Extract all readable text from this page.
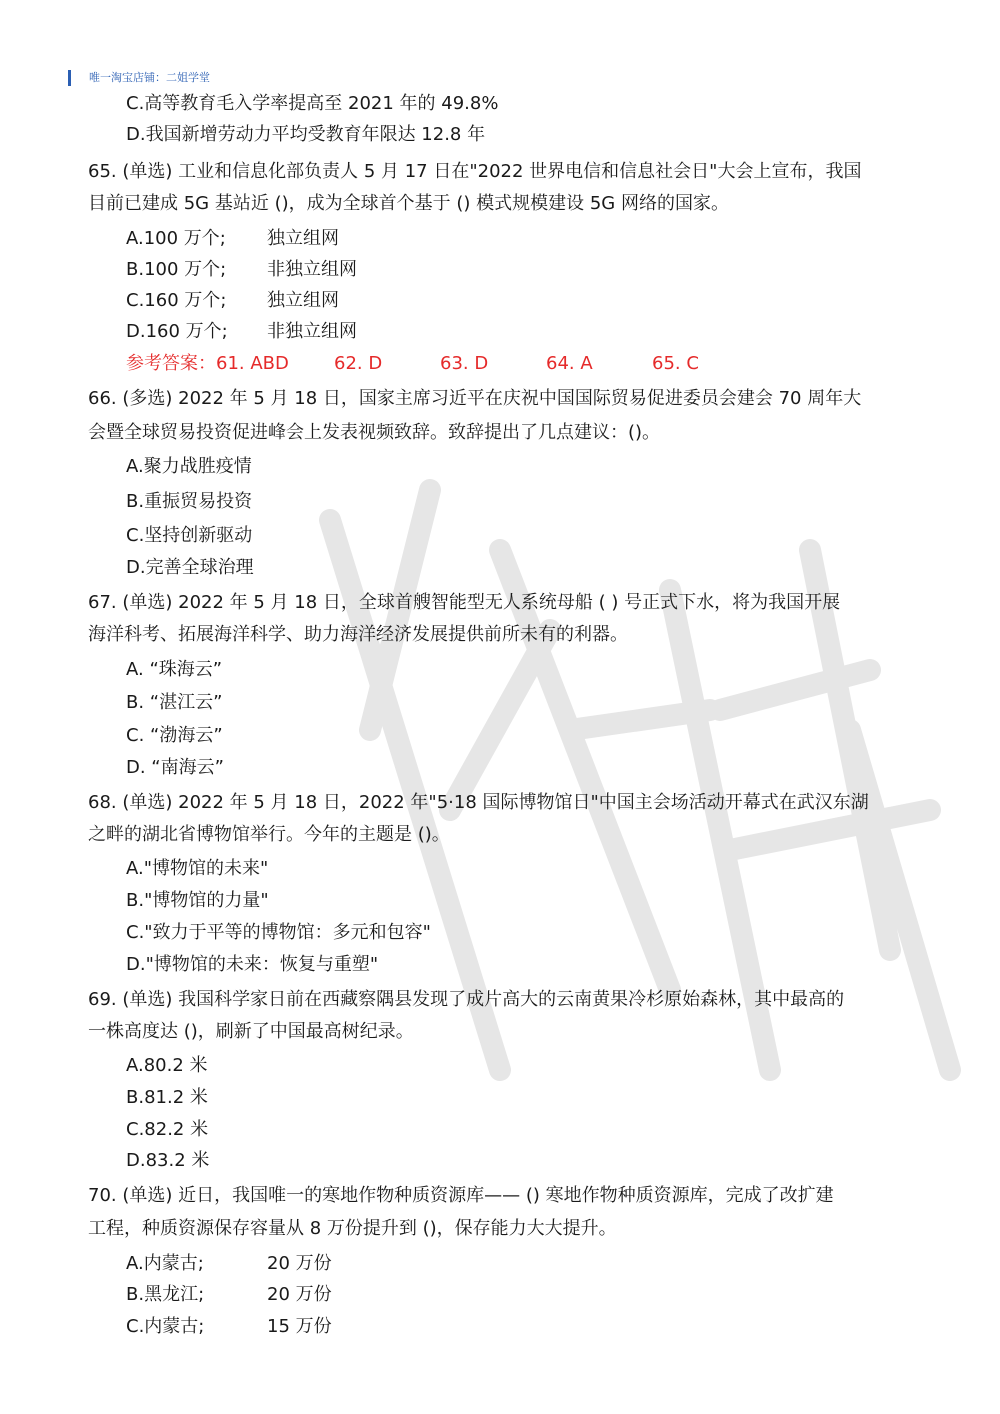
唯一淘宝店铺：二姐学堂
C.高等教育毛入学率提高至 2021 年的 49.8%
D.我国新增劳动力平均受教育年限达 12.8 年
65. (单选) 工业和信息化部负责人 5 月 17 日在"2022 世界电信和信息社会日"大会上宣布，我国
目前已建成 5G 基站近 ()，成为全球首个基于 () 模式规模建设 5G 网络的国家。
A.100 万个; 独立组网
B.100 万个; 非独立组网
C.160 万个; 独立组网
D.160 万个; 非独立组网
参考答案：61. ABD	62. D	63. D	64. A	65. C
66. (多选) 2022 年 5 月 18 日，国家主席习近平在庆祝中国国际贸易促进委员会建会 70 周年大
会暨全球贸易投资促进峰会上发表视频致辞。致辞提出了几点建议：()。
A.聚力战胜疫情
B.重振贸易投资
C.坚持创新驱动
D.完善全球治理
67. (单选) 2022 年 5 月 18 日，全球首艘智能型无人系统母船 ( ) 号正式下水，将为我国开展
海洋科考、拓展海洋科学、助力海洋经济发展提供前所未有的利器。
A. “珠海云”
B. “湛江云”
C. “渤海云”
D. “南海云”
68. (单选) 2022 年 5 月 18 日，2022 年"5·18 国际博物馆日"中国主会场活动开幕式在武汉东湖
之畔的湖北省博物馆举行。今年的主题是 ()。
A."博物馆的未来"
B."博物馆的力量"
C."致力于平等的博物馆：多元和包容"
D."博物馆的未来：恢复与重塑"
69. (单选) 我国科学家日前在西藏察隅县发现了成片高大的云南黄果冷杉原始森林，其中最高的
一株高度达 ()，刷新了中国最高树纪录。
A.80.2 米
B.81.2 米
C.82.2 米
D.83.2 米
70. (单选) 近日，我国唯一的寒地作物种质资源库—— () 寒地作物种质资源库，完成了改扩建
工程，种质资源保存容量从 8 万份提升到 ()，保存能力大大提升。
A.内蒙古;	20 万份
B.黑龙江;	20 万份
C.内蒙古;	15 万份
